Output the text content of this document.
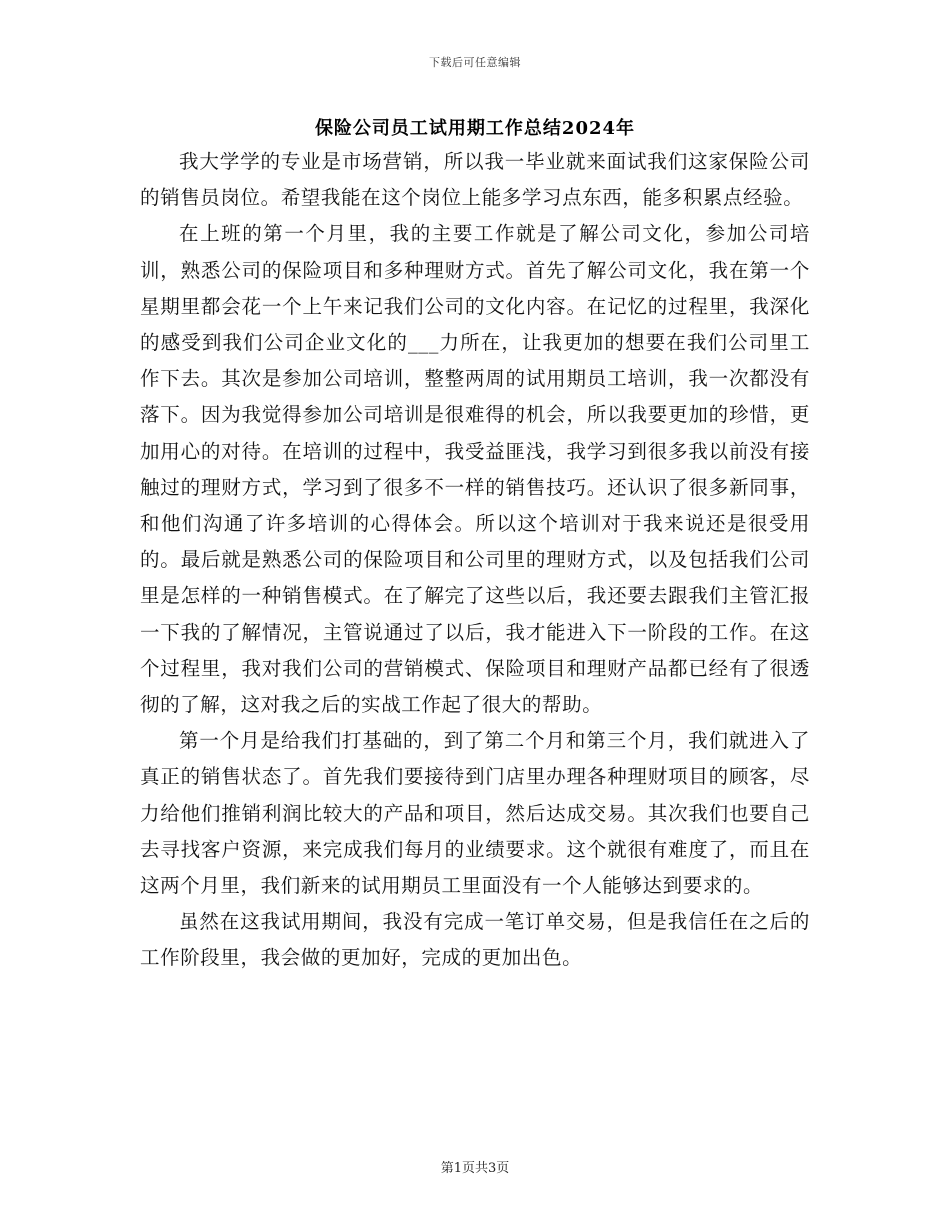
下载后可任意编辑
保险公司员工试用期工作总结2024年

我大学学的专业是市场营销，所以我一毕业就来面试我们这家保险公司的销售员岗位。希望我能在这个岗位上能多学习点东西，能多积累点经验。

在上班的第一个月里，我的主要工作就是了解公司文化，参加公司培训，熟悉公司的保险项目和多种理财方式。首先了解公司文化，我在第一个星期里都会花一个上午来记我们公司的文化内容。在记忆的过程里，我深化的感受到我们公司企业文化的___力所在，让我更加的想要在我们公司里工作下去。其次是参加公司培训，整整两周的试用期员工培训，我一次都没有落下。因为我觉得参加公司培训是很难得的机会，所以我要更加的珍惜，更加用心的对待。在培训的过程中，我受益匪浅，我学习到很多我以前没有接触过的理财方式，学习到了很多不一样的销售技巧。还认识了很多新同事，和他们沟通了许多培训的心得体会。所以这个培训对于我来说还是很受用的。最后就是熟悉公司的保险项目和公司里的理财方式，以及包括我们公司里是怎样的一种销售模式。在了解完了这些以后，我还要去跟我们主管汇报一下我的了解情况，主管说通过了以后，我才能进入下一阶段的工作。在这个过程里，我对我们公司的营销模式、保险项目和理财产品都已经有了很透彻的了解，这对我之后的实战工作起了很大的帮助。

第一个月是给我们打基础的，到了第二个月和第三个月，我们就进入了真正的销售状态了。首先我们要接待到门店里办理各种理财项目的顾客，尽力给他们推销利润比较大的产品和项目，然后达成交易。其次我们也要自己去寻找客户资源，来完成我们每月的业绩要求。这个就很有难度了，而且在这两个月里，我们新来的试用期员工里面没有一个人能够达到要求的。

虽然在这我试用期间，我没有完成一笔订单交易，但是我信任在之后的工作阶段里，我会做的更加好，完成的更加出色。

第1页共3页
